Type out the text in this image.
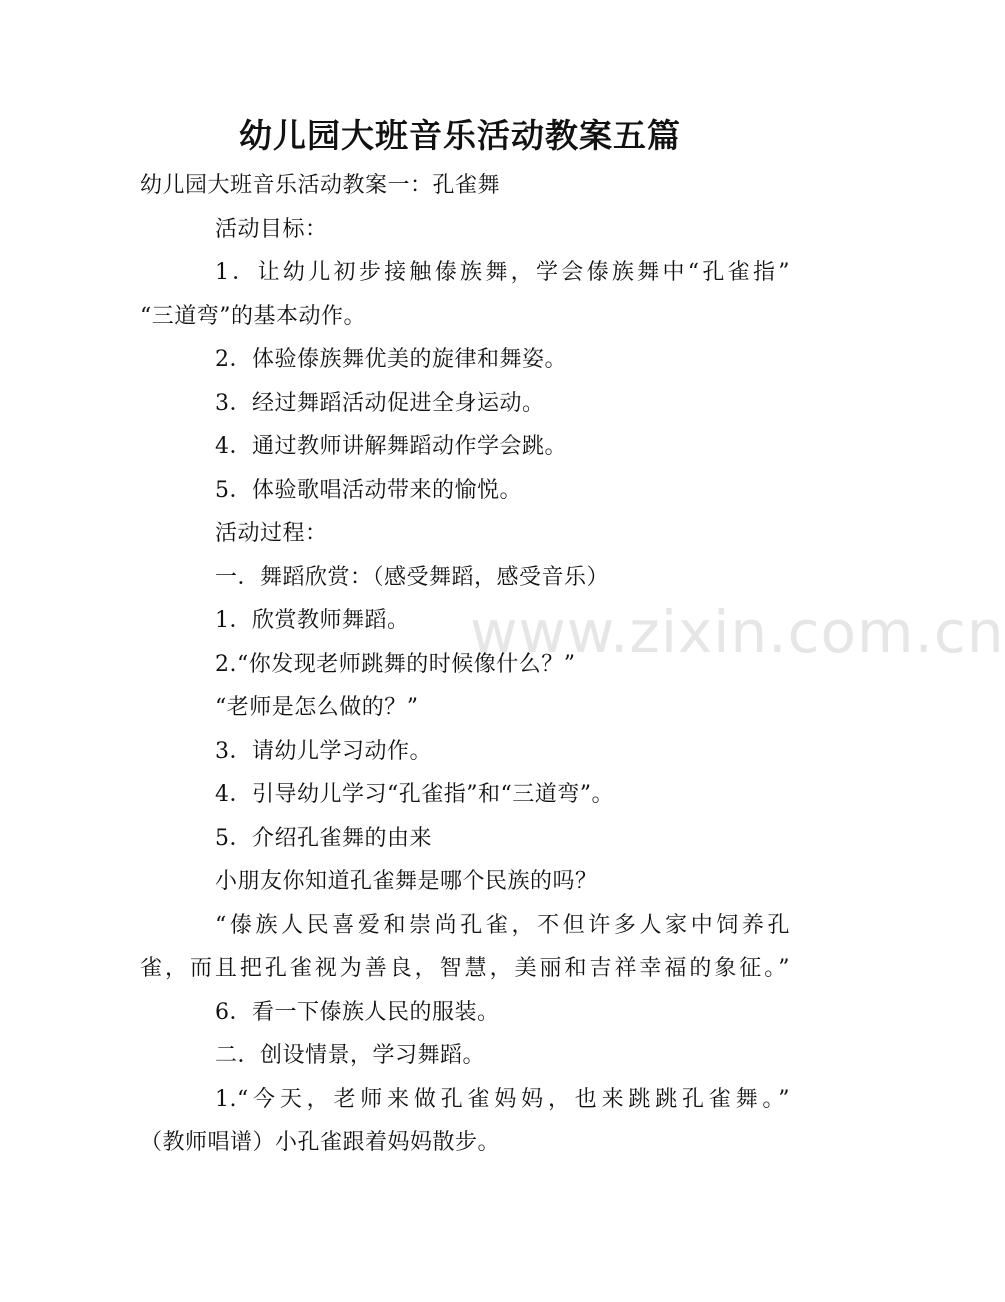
www.zixin.com.cn
幼儿园大班音乐活动教案五篇
幼儿园大班音乐活动教案一：孔雀舞
活动目标：
1．让幼儿初步接触傣族舞，学会傣族舞中“孔雀指”
“三道弯”的基本动作。
2．体验傣族舞优美的旋律和舞姿。
3．经过舞蹈活动促进全身运动。
4．通过教师讲解舞蹈动作学会跳。
5．体验歌唱活动带来的愉悦。
活动过程：
一．舞蹈欣赏：（感受舞蹈，感受音乐）
1．欣赏教师舞蹈。
2.“你发现老师跳舞的时候像什么？”
“老师是怎么做的？”
3．请幼儿学习动作。
4．引导幼儿学习“孔雀指”和“三道弯”。
5．介绍孔雀舞的由来
小朋友你知道孔雀舞是哪个民族的吗？
“傣族人民喜爱和崇尚孔雀，不但许多人家中饲养孔
雀，而且把孔雀视为善良，智慧，美丽和吉祥幸福的象征。”
6．看一下傣族人民的服装。
二．创设情景，学习舞蹈。
1.“今天，老师来做孔雀妈妈，也来跳跳孔雀舞。”
（教师唱谱）小孔雀跟着妈妈散步。
